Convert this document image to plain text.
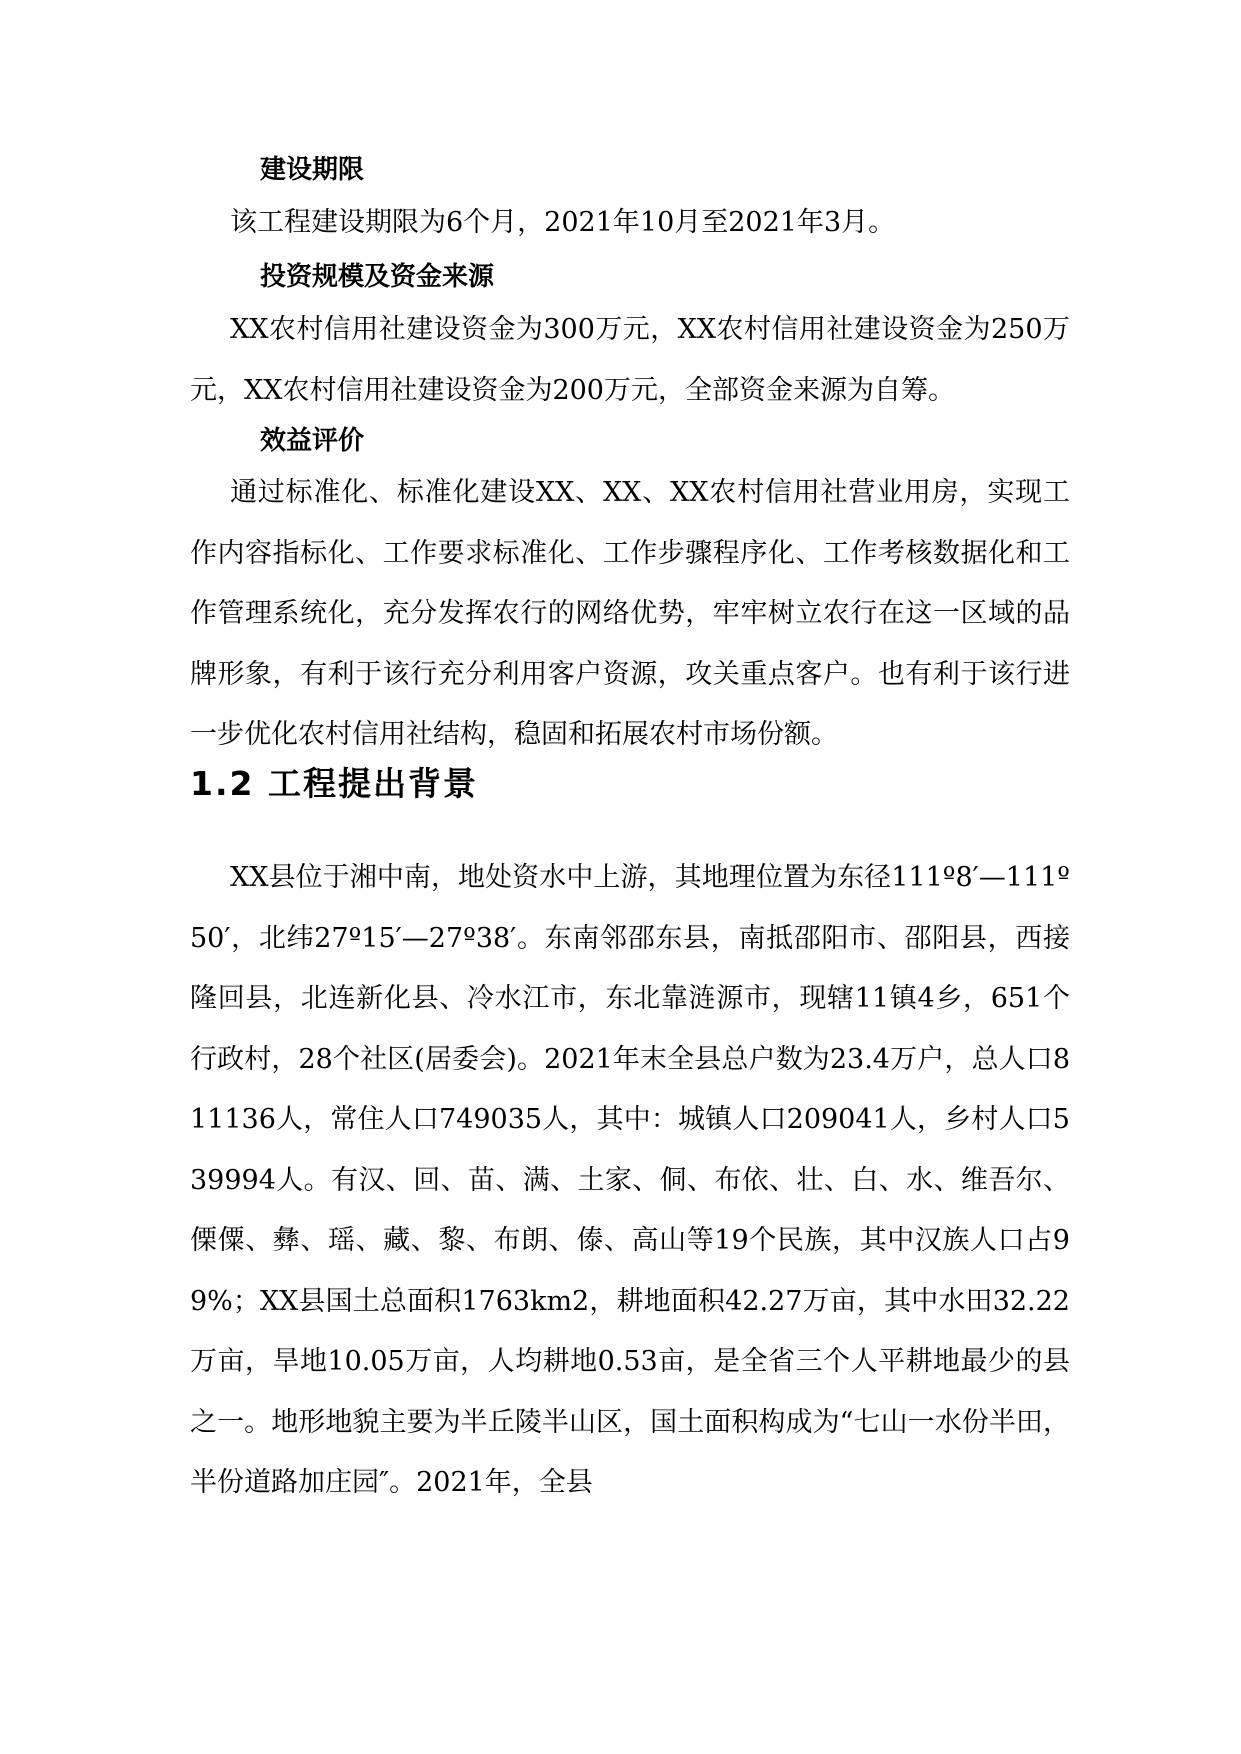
建设期限

该工程建设期限为6个月，2021年10月至2021年3月。

投资规模及资金来源

XX农村信用社建设资金为300万元，XX农村信用社建设资金为250万元，XX农村信用社建设资金为200万元，全部资金来源为自筹。

效益评价

通过标准化、标准化建设XX、XX、XX农村信用社营业用房，实现工作内容指标化、工作要求标准化、工作步骤程序化、工作考核数据化和工作管理系统化，充分发挥农行的网络优势，牢牢树立农行在这一区域的品牌形象，有利于该行充分利用客户资源，攻关重点客户。也有利于该行进一步优化农村信用社结构，稳固和拓展农村市场份额。

1.2 工程提出背景

XX县位于湘中南，地处资水中上游，其地理位置为东径111º8′—111º50′，北纬27º15′—27º38′。东南邻邵东县，南抵邵阳市、邵阳县，西接隆回县，北连新化县、冷水江市，东北靠涟源市，现辖11镇4乡，651个行政村，28个社区(居委会)。2021年末全县总户数为23.4万户，总人口811136人，常住人口749035人，其中：城镇人口209041人，乡村人口539994人。有汉、回、苗、满、土家、侗、布依、壮、白、水、维吾尔、傈僳、彝、瑶、藏、黎、布朗、傣、高山等19个民族，其中汉族人口占99%；XX县国土总面积1763km2，耕地面积42.27万亩，其中水田32.22万亩，旱地10.05万亩，人均耕地0.53亩，是全省三个人平耕地最少的县之一。地形地貌主要为半丘陵半山区，国土面积构成为“七山一水份半田，半份道路加庄园″。2021年，全县
